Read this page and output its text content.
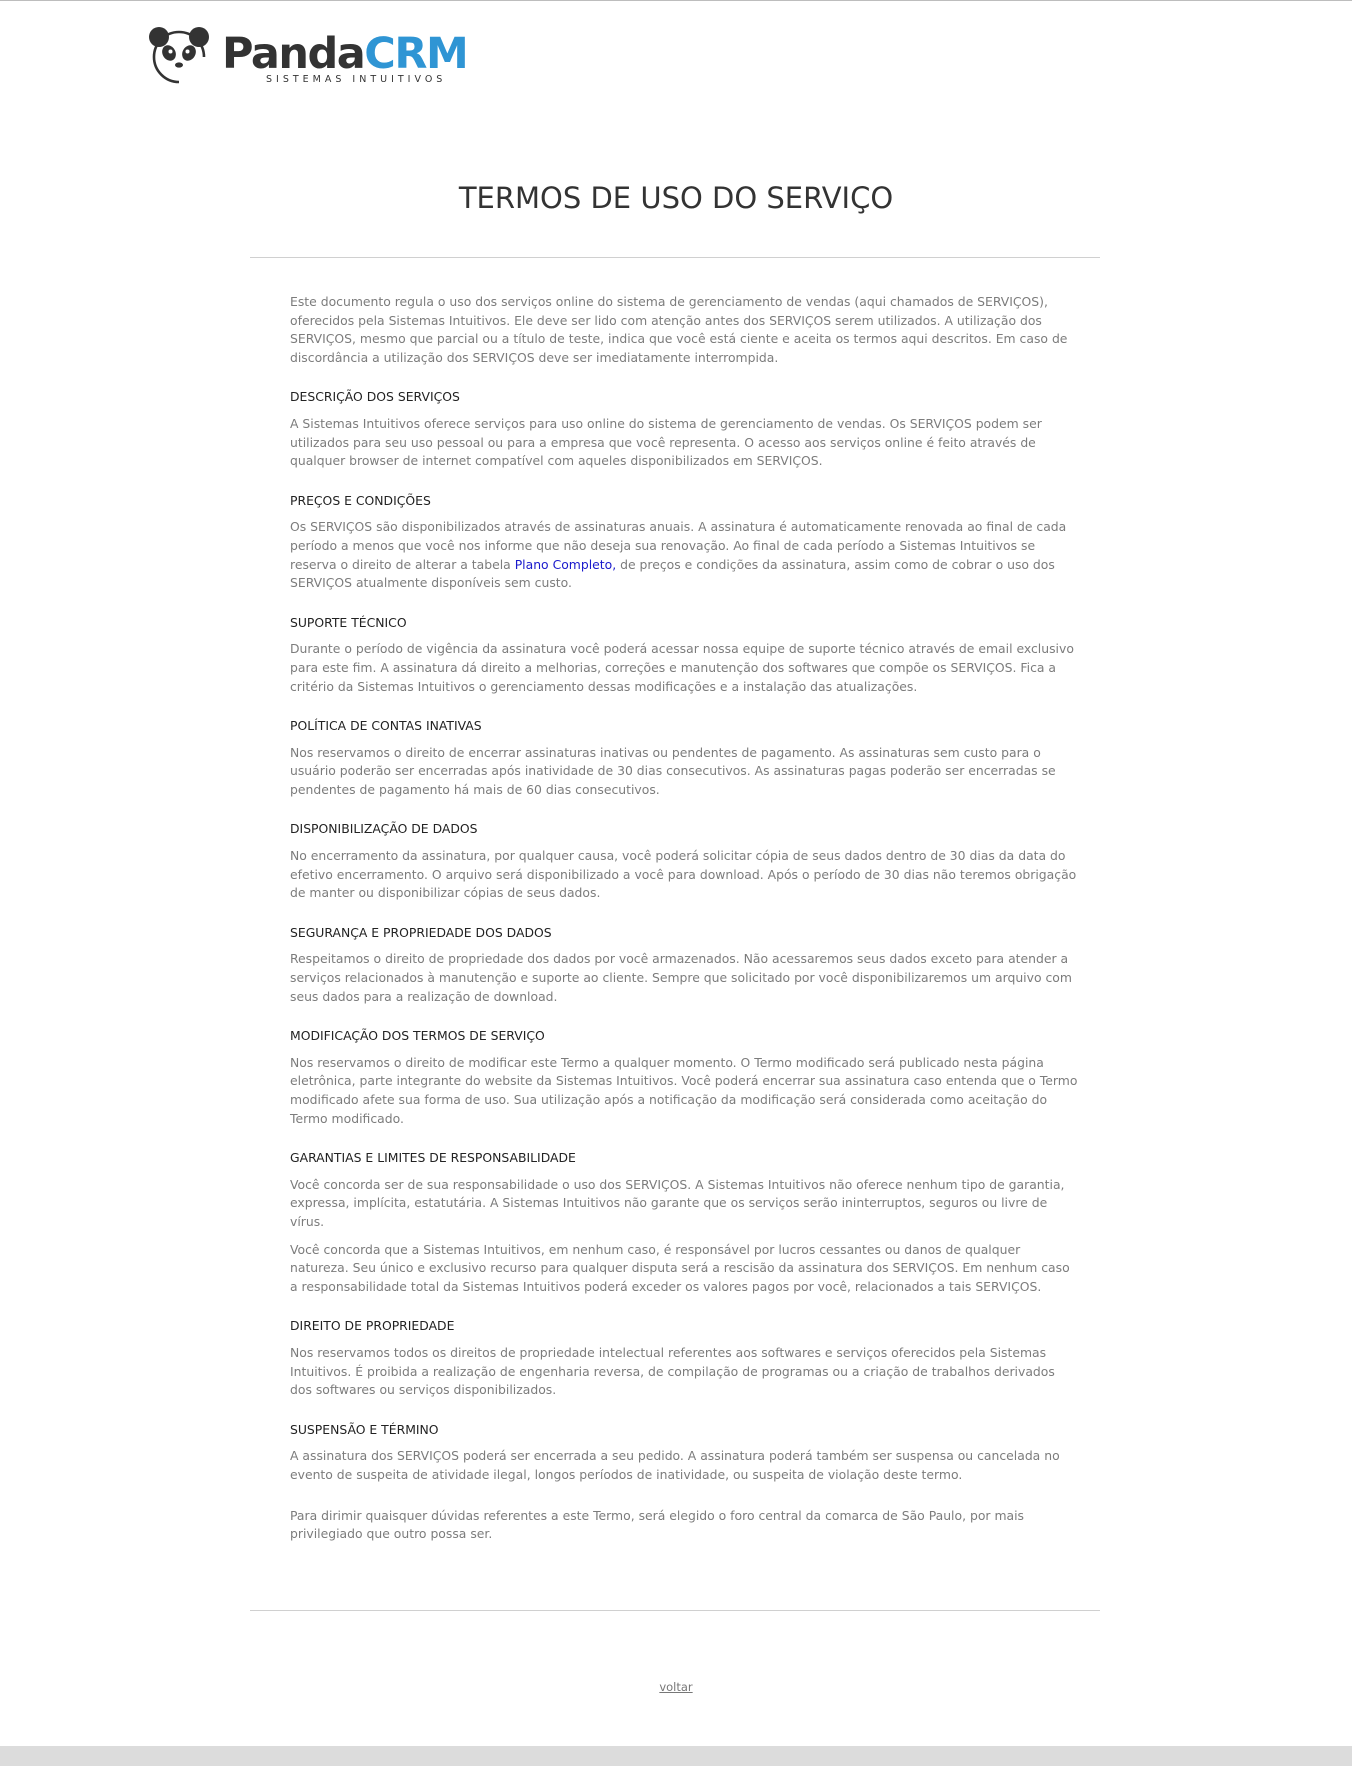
PandaCRM
SISTEMAS INTUITIVOS
TERMOS DE USO DO SERVIÇO

Este documento regula o uso dos serviços online do sistema de gerenciamento de vendas (aqui chamados de SERVIÇOS), oferecidos pela Sistemas Intuitivos. Ele deve ser lido com atenção antes dos SERVIÇOS serem utilizados. A utilização dos SERVIÇOS, mesmo que parcial ou a título de teste, indica que você está ciente e aceita os termos aqui descritos. Em caso de discordância a utilização dos SERVIÇOS deve ser imediatamente interrompida.

DESCRIÇÃO DOS SERVIÇOS

A Sistemas Intuitivos oferece serviços para uso online do sistema de gerenciamento de vendas. Os SERVIÇOS podem ser utilizados para seu uso pessoal ou para a empresa que você representa. O acesso aos serviços online é feito através de qualquer browser de internet compatível com aqueles disponibilizados em SERVIÇOS.

PREÇOS E CONDIÇÕES

Os SERVIÇOS são disponibilizados através de assinaturas anuais. A assinatura é automaticamente renovada ao final de cada período a menos que você nos informe que não deseja sua renovação. Ao final de cada período a Sistemas Intuitivos se reserva o direito de alterar a tabela Plano Completo, de preços e condições da assinatura, assim como de cobrar o uso dos SERVIÇOS atualmente disponíveis sem custo.

SUPORTE TÉCNICO

Durante o período de vigência da assinatura você poderá acessar nossa equipe de suporte técnico através de email exclusivo para este fim. A assinatura dá direito a melhorias, correções e manutenção dos softwares que compõe os SERVIÇOS. Fica a critério da Sistemas Intuitivos o gerenciamento dessas modificações e a instalação das atualizações.

POLÍTICA DE CONTAS INATIVAS

Nos reservamos o direito de encerrar assinaturas inativas ou pendentes de pagamento. As assinaturas sem custo para o usuário poderão ser encerradas após inatividade de 30 dias consecutivos. As assinaturas pagas poderão ser encerradas se pendentes de pagamento há mais de 60 dias consecutivos.

DISPONIBILIZAÇÃO DE DADOS

No encerramento da assinatura, por qualquer causa, você poderá solicitar cópia de seus dados dentro de 30 dias da data do efetivo encerramento. O arquivo será disponibilizado a você para download. Após o período de 30 dias não teremos obrigação de manter ou disponibilizar cópias de seus dados.

SEGURANÇA E PROPRIEDADE DOS DADOS

Respeitamos o direito de propriedade dos dados por você armazenados. Não acessaremos seus dados exceto para atender a serviços relacionados à manutenção e suporte ao cliente. Sempre que solicitado por você disponibilizaremos um arquivo com seus dados para a realização de download.

MODIFICAÇÃO DOS TERMOS DE SERVIÇO

Nos reservamos o direito de modificar este Termo a qualquer momento. O Termo modificado será publicado nesta página eletrônica, parte integrante do website da Sistemas Intuitivos. Você poderá encerrar sua assinatura caso entenda que o Termo modificado afete sua forma de uso. Sua utilização após a notificação da modificação será considerada como aceitação do Termo modificado.

GARANTIAS E LIMITES DE RESPONSABILIDADE

Você concorda ser de sua responsabilidade o uso dos SERVIÇOS. A Sistemas Intuitivos não oferece nenhum tipo de garantia, expressa, implícita, estatutária. A Sistemas Intuitivos não garante que os serviços serão ininterruptos, seguros ou livre de vírus.

Você concorda que a Sistemas Intuitivos, em nenhum caso, é responsável por lucros cessantes ou danos de qualquer natureza. Seu único e exclusivo recurso para qualquer disputa será a rescisão da assinatura dos SERVIÇOS. Em nenhum caso a responsabilidade total da Sistemas Intuitivos poderá exceder os valores pagos por você, relacionados a tais SERVIÇOS.

DIREITO DE PROPRIEDADE

Nos reservamos todos os direitos de propriedade intelectual referentes aos softwares e serviços oferecidos pela Sistemas Intuitivos. É proibida a realização de engenharia reversa, de compilação de programas ou a criação de trabalhos derivados dos softwares ou serviços disponibilizados.

SUSPENSÃO E TÉRMINO

A assinatura dos SERVIÇOS poderá ser encerrada a seu pedido. A assinatura poderá também ser suspensa ou cancelada no evento de suspeita de atividade ilegal, longos períodos de inatividade, ou suspeita de violação deste termo.

Para dirimir quaisquer dúvidas referentes a este Termo, será elegido o foro central da comarca de São Paulo, por mais privilegiado que outro possa ser.

voltar
